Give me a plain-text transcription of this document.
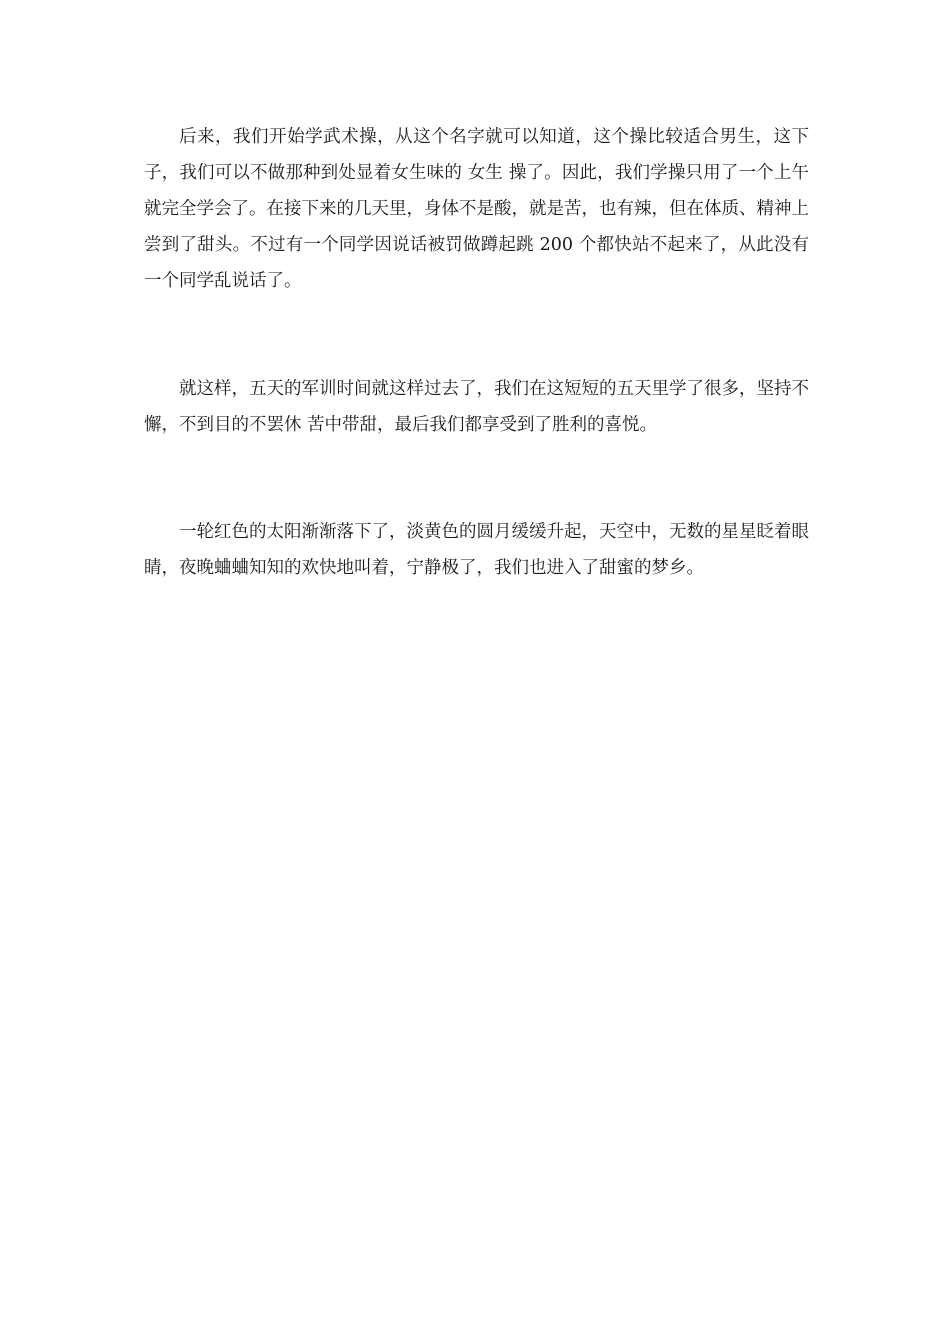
后来，我们开始学武术操，从这个名字就可以知道，这个操比较适合男生，这下子，我们可以不做那种到处显着女生味的 女生 操了。因此，我们学操只用了一个上午就完全学会了。在接下来的几天里，身体不是酸，就是苦，也有辣，但在体质、精神上尝到了甜头。不过有一个同学因说话被罚做蹲起跳 200 个都快站不起来了，从此没有一个同学乱说话了。

就这样，五天的军训时间就这样过去了，我们在这短短的五天里学了很多，坚持不懈，不到目的不罢休 苦中带甜，最后我们都享受到了胜利的喜悦。

一轮红色的太阳渐渐落下了，淡黄色的圆月缓缓升起，天空中，无数的星星眨着眼睛，夜晚蛐蛐知知的欢快地叫着，宁静极了，我们也进入了甜蜜的梦乡。
